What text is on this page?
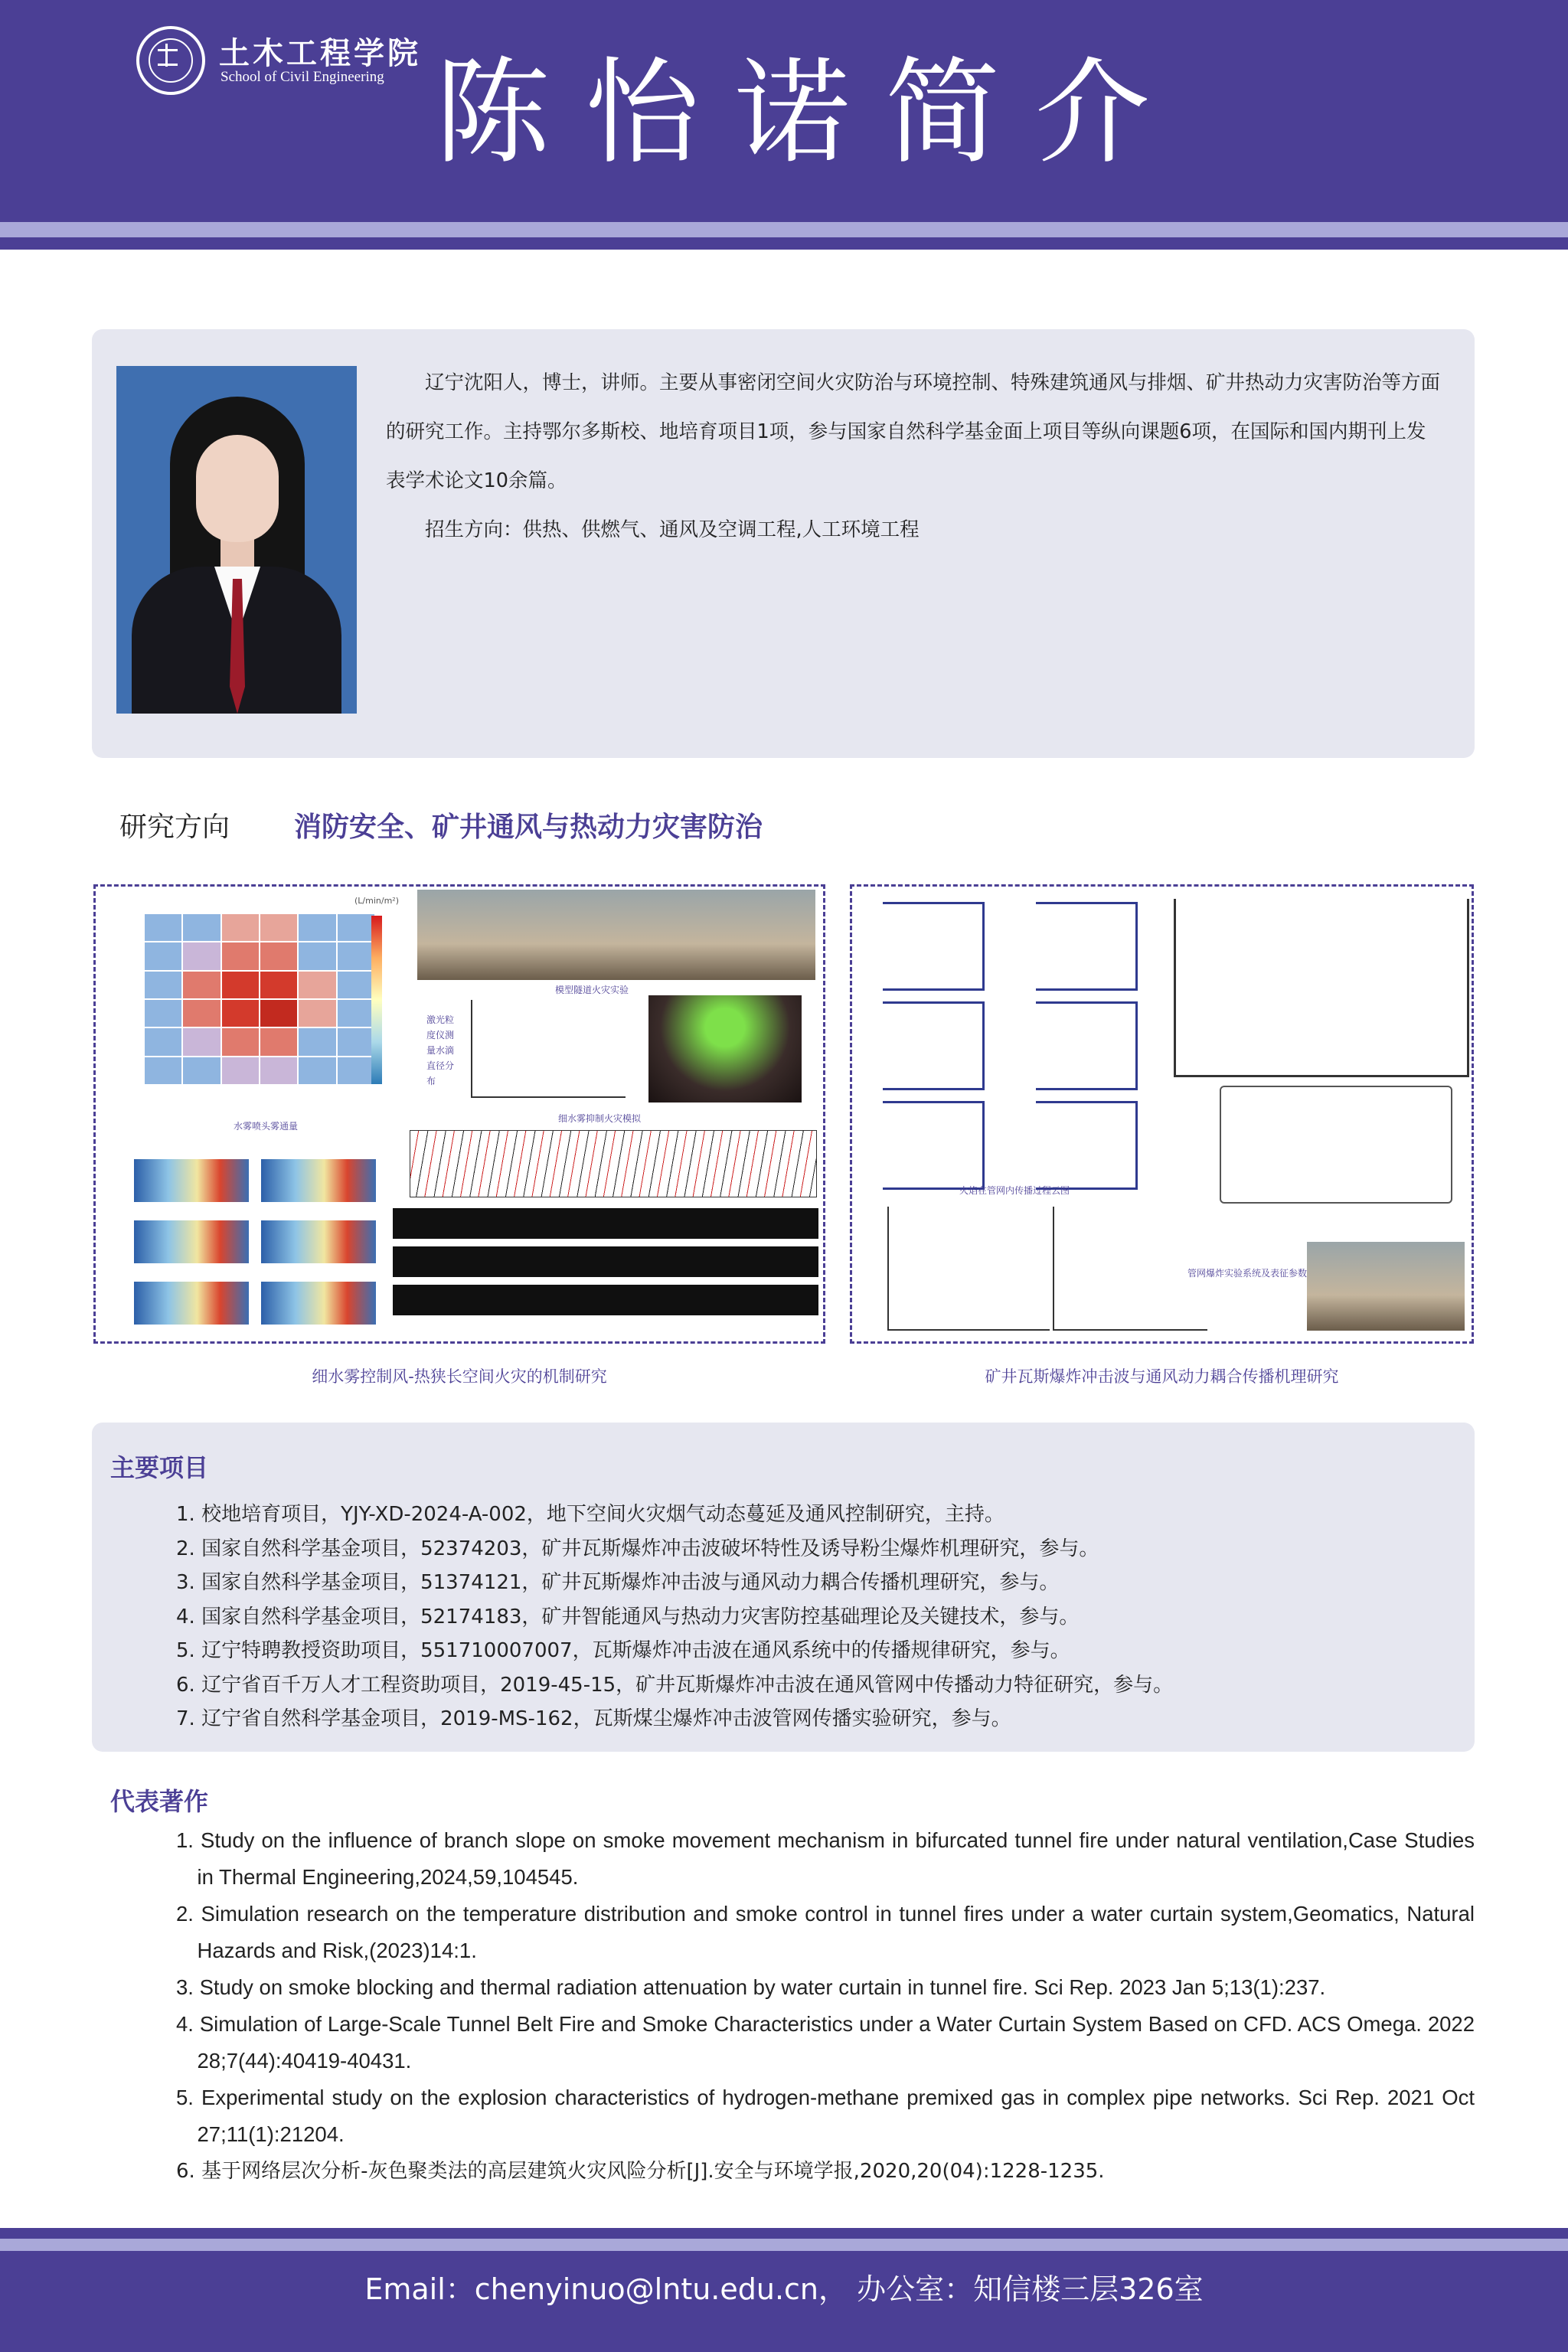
土木工程学院
School of Civil Engineering 陈怡诺简介

辽宁沈阳人，博士，讲师。主要从事密闭空间火灾防治与环境控制、特殊建筑通风与排烟、矿井热动力灾害防治等方面的研究工作。主持鄂尔多斯校、地培育项目1项，参与国家自然科学基金面上项目等纵向课题6项，在国际和国内期刊上发表学术论文10余篇。

招生方向：供热、供燃气、通风及空调工程,人工环境工程

研究方向 消防安全、矿井通风与热动力灾害防治
(L/min/m²)
水雾喷头雾通量
模型隧道火灾实验
激光粒度仪测量水滴直径分布
细水雾抑制火灾模拟
细水雾控制风-热狭长空间火灾的机制研究
火焰在管网内传播过程云图
管网爆炸实验系统及表征参数
矿井瓦斯爆炸冲击波与通风动力耦合传播机理研究
主要项目
1. 校地培育项目，YJY-XD-2024-A-002，地下空间火灾烟气动态蔓延及通风控制研究，主持。
2. 国家自然科学基金项目，52374203，矿井瓦斯爆炸冲击波破坏特性及诱导粉尘爆炸机理研究，参与。
3. 国家自然科学基金项目，51374121，矿井瓦斯爆炸冲击波与通风动力耦合传播机理研究，参与。
4. 国家自然科学基金项目，52174183，矿井智能通风与热动力灾害防控基础理论及关键技术，参与。
5. 辽宁特聘教授资助项目，551710007007，瓦斯爆炸冲击波在通风系统中的传播规律研究，参与。
6. 辽宁省百千万人才工程资助项目，2019-45-15，矿井瓦斯爆炸冲击波在通风管网中传播动力特征研究，参与。
7. 辽宁省自然科学基金项目，2019-MS-162，瓦斯煤尘爆炸冲击波管网传播实验研究，参与。
代表著作
1. Study on the influence of branch slope on smoke movement mechanism in bifurcated tunnel fire under natural ventilation,Case Studies in Thermal Engineering,2024,59,104545.
2. Simulation research on the temperature distribution and smoke control in tunnel fires under a water curtain system,Geomatics, Natural Hazards and Risk,(2023)14:1.
3. Study on smoke blocking and thermal radiation attenuation by water curtain in tunnel fire. Sci Rep. 2023 Jan 5;13(1):237.
4. Simulation of Large-Scale Tunnel Belt Fire and Smoke Characteristics under a Water Curtain System Based on CFD. ACS Omega. 2022 28;7(44):40419-40431.
5. Experimental study on the explosion characteristics of hydrogen-methane premixed gas in complex pipe networks. Sci Rep. 2021 Oct 27;11(1):21204.
6. 基于网络层次分析-灰色聚类法的高层建筑火灾风险分析[J].安全与环境学报,2020,20(04):1228-1235.
Email：chenyinuo@lntu.edu.cn， 办公室：知信楼三层326室
